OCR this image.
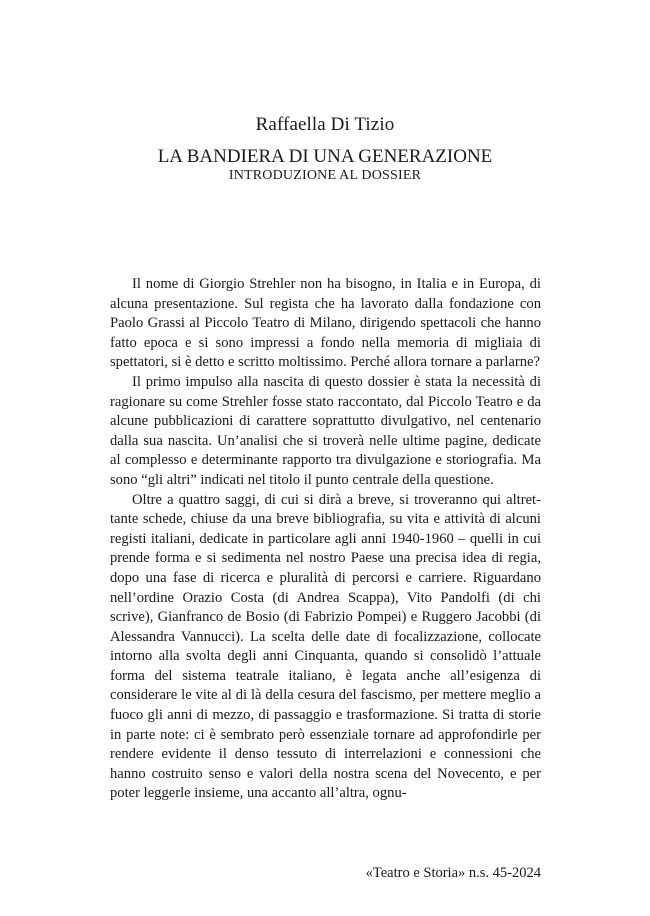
Raffaella Di Tizio
LA BANDIERA DI UNA GENERAZIONE
INTRODUZIONE AL DOSSIER

Il nome di Giorgio Strehler non ha bisogno, in Italia e in Europa, di alcuna presentazione. Sul regista che ha lavorato dalla fondazione con Paolo Grassi al Piccolo Teatro di Milano, dirigendo spettacoli che hanno fatto epoca e si sono impressi a fondo nella memoria di migliaia di spettatori, si è detto e scritto moltissimo. Perché allora tornare a parlarne?

Il primo impulso alla nascita di questo dossier è stata la necessità di ragionare su come Strehler fosse stato raccontato, dal Piccolo Teatro e da alcune pubblicazioni di carattere soprattutto divulgativo, nel centenario dalla sua nascita. Un’analisi che si troverà nelle ultime pagine, dedicate al complesso e determinante rapporto tra divulgazione e storiografia. Ma sono “gli altri” indicati nel titolo il punto centrale della questione.

Oltre a quattro saggi, di cui si dirà a breve, si troveranno qui altrettante schede, chiuse da una breve bibliografia, su vita e attività di alcuni registi italiani, dedicate in particolare agli anni 1940-1960 – quelli in cui prende forma e si sedimenta nel nostro Paese una precisa idea di regia, dopo una fase di ricerca e pluralità di percorsi e carriere. Riguardano nell’ordine Orazio Costa (di Andrea Scappa), Vito Pandolfi (di chi scrive), Gianfranco de Bosio (di Fabrizio Pompei) e Ruggero Jacobbi (di Alessandra Vannucci). La scelta delle date di focalizzazione, collocate intorno alla svolta degli anni Cinquanta, quando si consolidò l’attuale forma del sistema teatrale italiano, è legata anche all’esigenza di considerare le vite al di là della cesura del fascismo, per mettere meglio a fuoco gli anni di mezzo, di passaggio e trasformazione. Si tratta di storie in parte note: ci è sembrato però essenziale tornare ad approfondirle per rendere evidente il denso tessuto di interrelazioni e connessioni che hanno costruito senso e valori della nostra scena del Novecento, e per poter leggerle insieme, una accanto all’altra, ognu-

«Teatro e Storia» n.s. 45-2024
